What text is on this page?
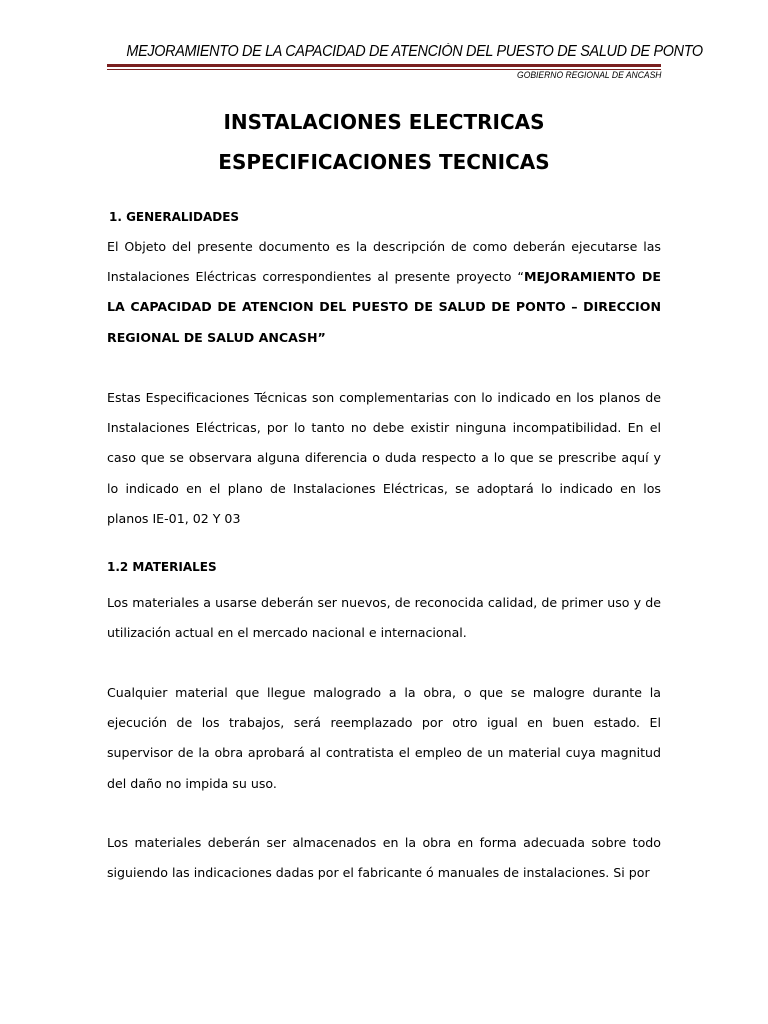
MEJORAMIENTO DE LA CAPACIDAD DE ATENCIÓN DEL PUESTO DE SALUD DE PONTO
GOBIERNO REGIONAL DE ANCASH
INSTALACIONES ELECTRICAS
ESPECIFICACIONES TECNICAS
1. GENERALIDADES

El Objeto del presente documento es la descripción de como deberán ejecutarse las Instalaciones Eléctricas correspondientes al presente proyecto “MEJORAMIENTO DE LA CAPACIDAD DE ATENCION DEL PUESTO DE SALUD DE PONTO – DIRECCION REGIONAL DE SALUD ANCASH”

Estas Especificaciones Técnicas son complementarias con lo indicado en los planos de Instalaciones Eléctricas, por lo tanto no debe existir ninguna incompatibilidad. En el caso que se observara alguna diferencia o duda respecto a lo que se prescribe aquí y lo indicado en el plano de Instalaciones Eléctricas, se adoptará lo indicado en los planos IE-01, 02 Y 03

1.2 MATERIALES

Los materiales a usarse deberán ser nuevos, de reconocida calidad, de primer uso y de utilización actual en el mercado nacional e internacional.

Cualquier material que llegue malogrado a la obra, o que se malogre durante la ejecución de los trabajos, será reemplazado por otro igual en buen estado. El supervisor de la obra aprobará al contratista el empleo de un material cuya magnitud del daño no impida su uso.

Los materiales deberán ser almacenados en la obra en forma adecuada sobre todo siguiendo las indicaciones dadas por el fabricante ó manuales de instalaciones. Si por
